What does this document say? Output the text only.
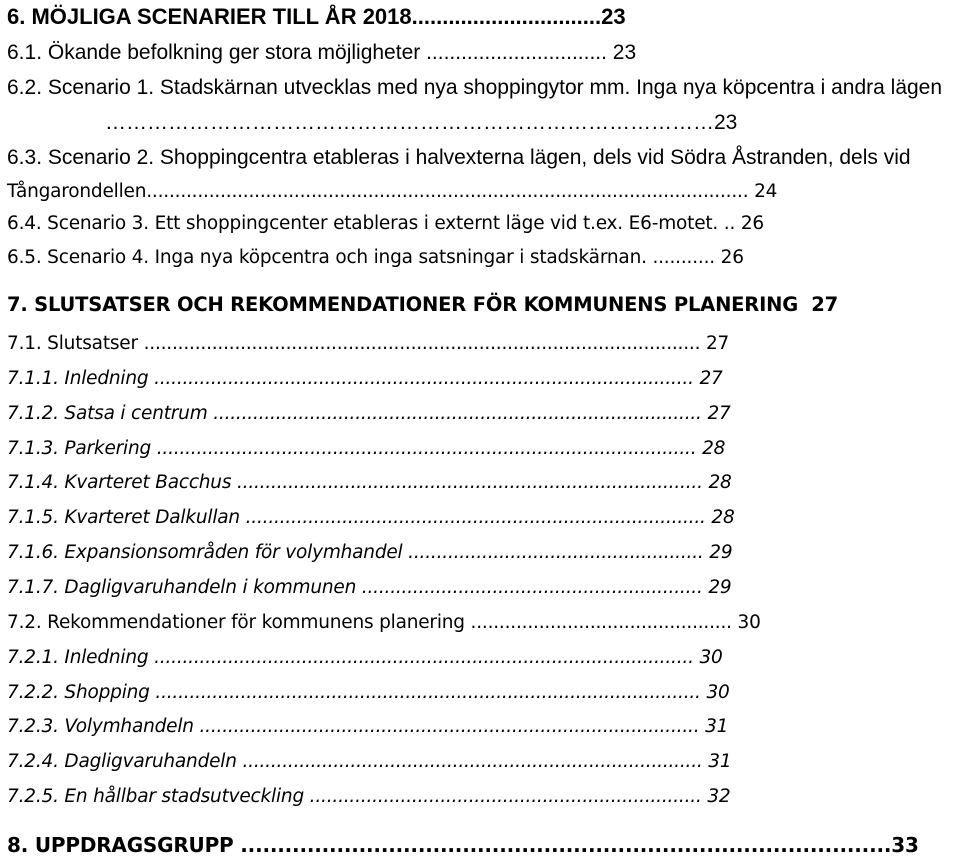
6. MÖJLIGA SCENARIER TILL ÅR 2018...............................23
6.1. Ökande befolkning ger stora möjligheter ............................... 23
6.2. Scenario 1. Stadskärnan utvecklas med nya shoppingytor mm. Inga nya köpcentra i andra lägen
……………………………………………………………………………23
6.3. Scenario 2. Shoppingcentra etableras i halvexterna lägen, dels vid Södra Åstranden, dels vid
Tångarondellen.......................................................................................................... 24
6.4. Scenario 3. Ett shoppingcenter etableras i externt läge vid t.ex. E6-motet. .. 26
6.5. Scenario 4. Inga nya köpcentra och inga satsningar i stadskärnan. ........... 26
7. SLUTSATSER OCH REKOMMENDATIONER FÖR KOMMUNENS PLANERING 27
7.1. Slutsatser .................................................................................................. 27
7.1.1. Inledning ............................................................................................... 27
7.1.2. Satsa i centrum ...................................................................................... 27
7.1.3. Parkering ............................................................................................... 28
7.1.4. Kvarteret Bacchus .................................................................................. 28
7.1.5. Kvarteret Dalkullan ................................................................................. 28
7.1.6. Expansionsområden för volymhandel .................................................... 29
7.1.7. Dagligvaruhandeln i kommunen ............................................................ 29
7.2. Rekommendationer för kommunens planering .............................................. 30
7.2.1. Inledning ............................................................................................... 30
7.2.2. Shopping ................................................................................................ 30
7.2.3. Volymhandeln ........................................................................................ 31
7.2.4. Dagligvaruhandeln ................................................................................. 31
7.2.5. En hållbar stadsutveckling ..................................................................... 32
8. UPPDRAGSGRUPP ........................................................................................33
